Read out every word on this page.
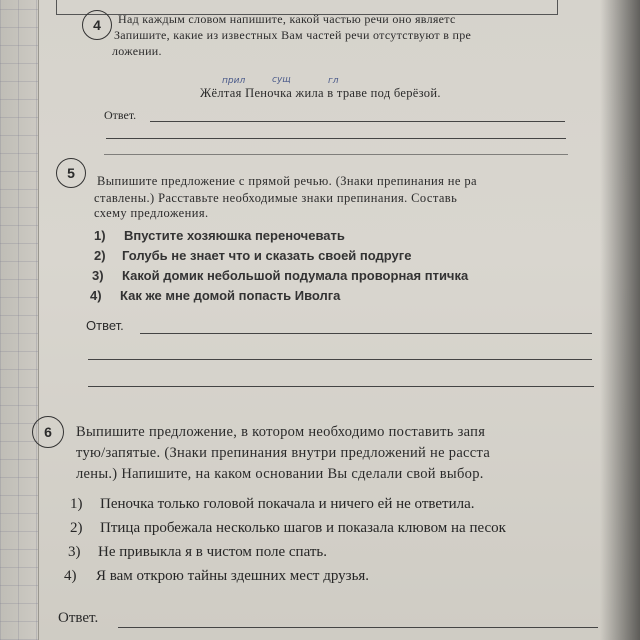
4	Над каждым словом напишите, какой частью речи оно являетс
Запишите, какие из известных Вам частей речи отсутствуют в пре
ложении.
прил	сущ	гл
Жёлтая Пеночка жила в траве под берёзой.
Ответ.
5	Выпишите предложение с прямой речью. (Знаки препинания не ра
ставлены.) Расставьте необходимые знаки препинания. Составь
схему предложения.
1) Впустите хозяюшка переночевать
2) Голубь не знает что и сказать своей подруге
3) Какой домик небольшой подумала проворная птичка
4) Как же мне домой попасть Иволга
Ответ.
6	Выпишите предложение, в котором необходимо поставить запя
тую/запятые. (Знаки препинания внутри предложений не расста
лены.) Напишите, на каком основании Вы сделали свой выбор.
1) Пеночка только головой покачала и ничего ей не ответила.
2) Птица пробежала несколько шагов и показала клювом на песок
3) Не привыкла я в чистом поле спать.
4) Я вам открою тайны здешних мест друзья.
Ответ.
